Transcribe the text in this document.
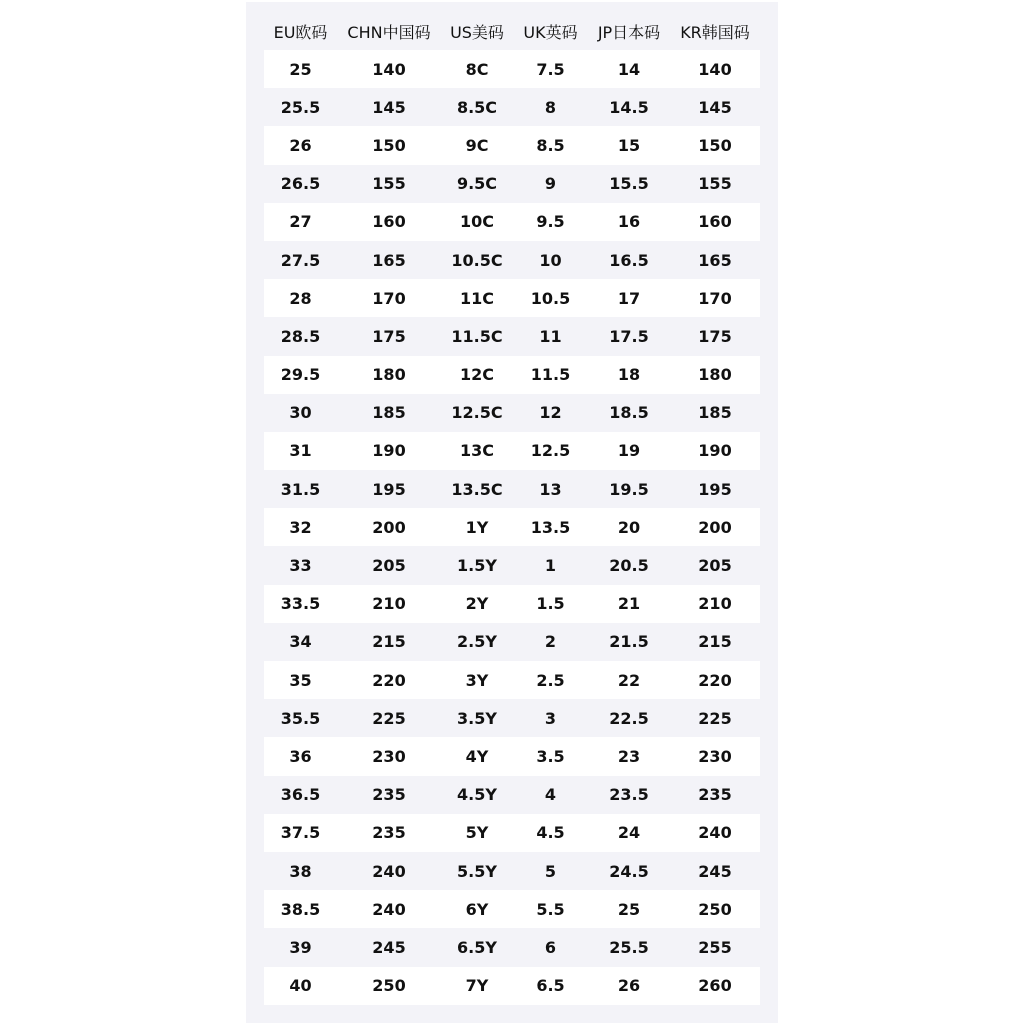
EU欧码	CHN中国码	US美码	UK英码	JP日本码	KR韩国码
25	140	8C	7.5	14	140
25.5	145	8.5C	8	14.5	145
26	150	9C	8.5	15	150
26.5	155	9.5C	9	15.5	155
27	160	10C	9.5	16	160
27.5	165	10.5C	10	16.5	165
28	170	11C	10.5	17	170
28.5	175	11.5C	11	17.5	175
29.5	180	12C	11.5	18	180
30	185	12.5C	12	18.5	185
31	190	13C	12.5	19	190
31.5	195	13.5C	13	19.5	195
32	200	1Y	13.5	20	200
33	205	1.5Y	1	20.5	205
33.5	210	2Y	1.5	21	210
34	215	2.5Y	2	21.5	215
35	220	3Y	2.5	22	220
35.5	225	3.5Y	3	22.5	225
36	230	4Y	3.5	23	230
36.5	235	4.5Y	4	23.5	235
37.5	235	5Y	4.5	24	240
38	240	5.5Y	5	24.5	245
38.5	240	6Y	5.5	25	250
39	245	6.5Y	6	25.5	255
40	250	7Y	6.5	26	260
